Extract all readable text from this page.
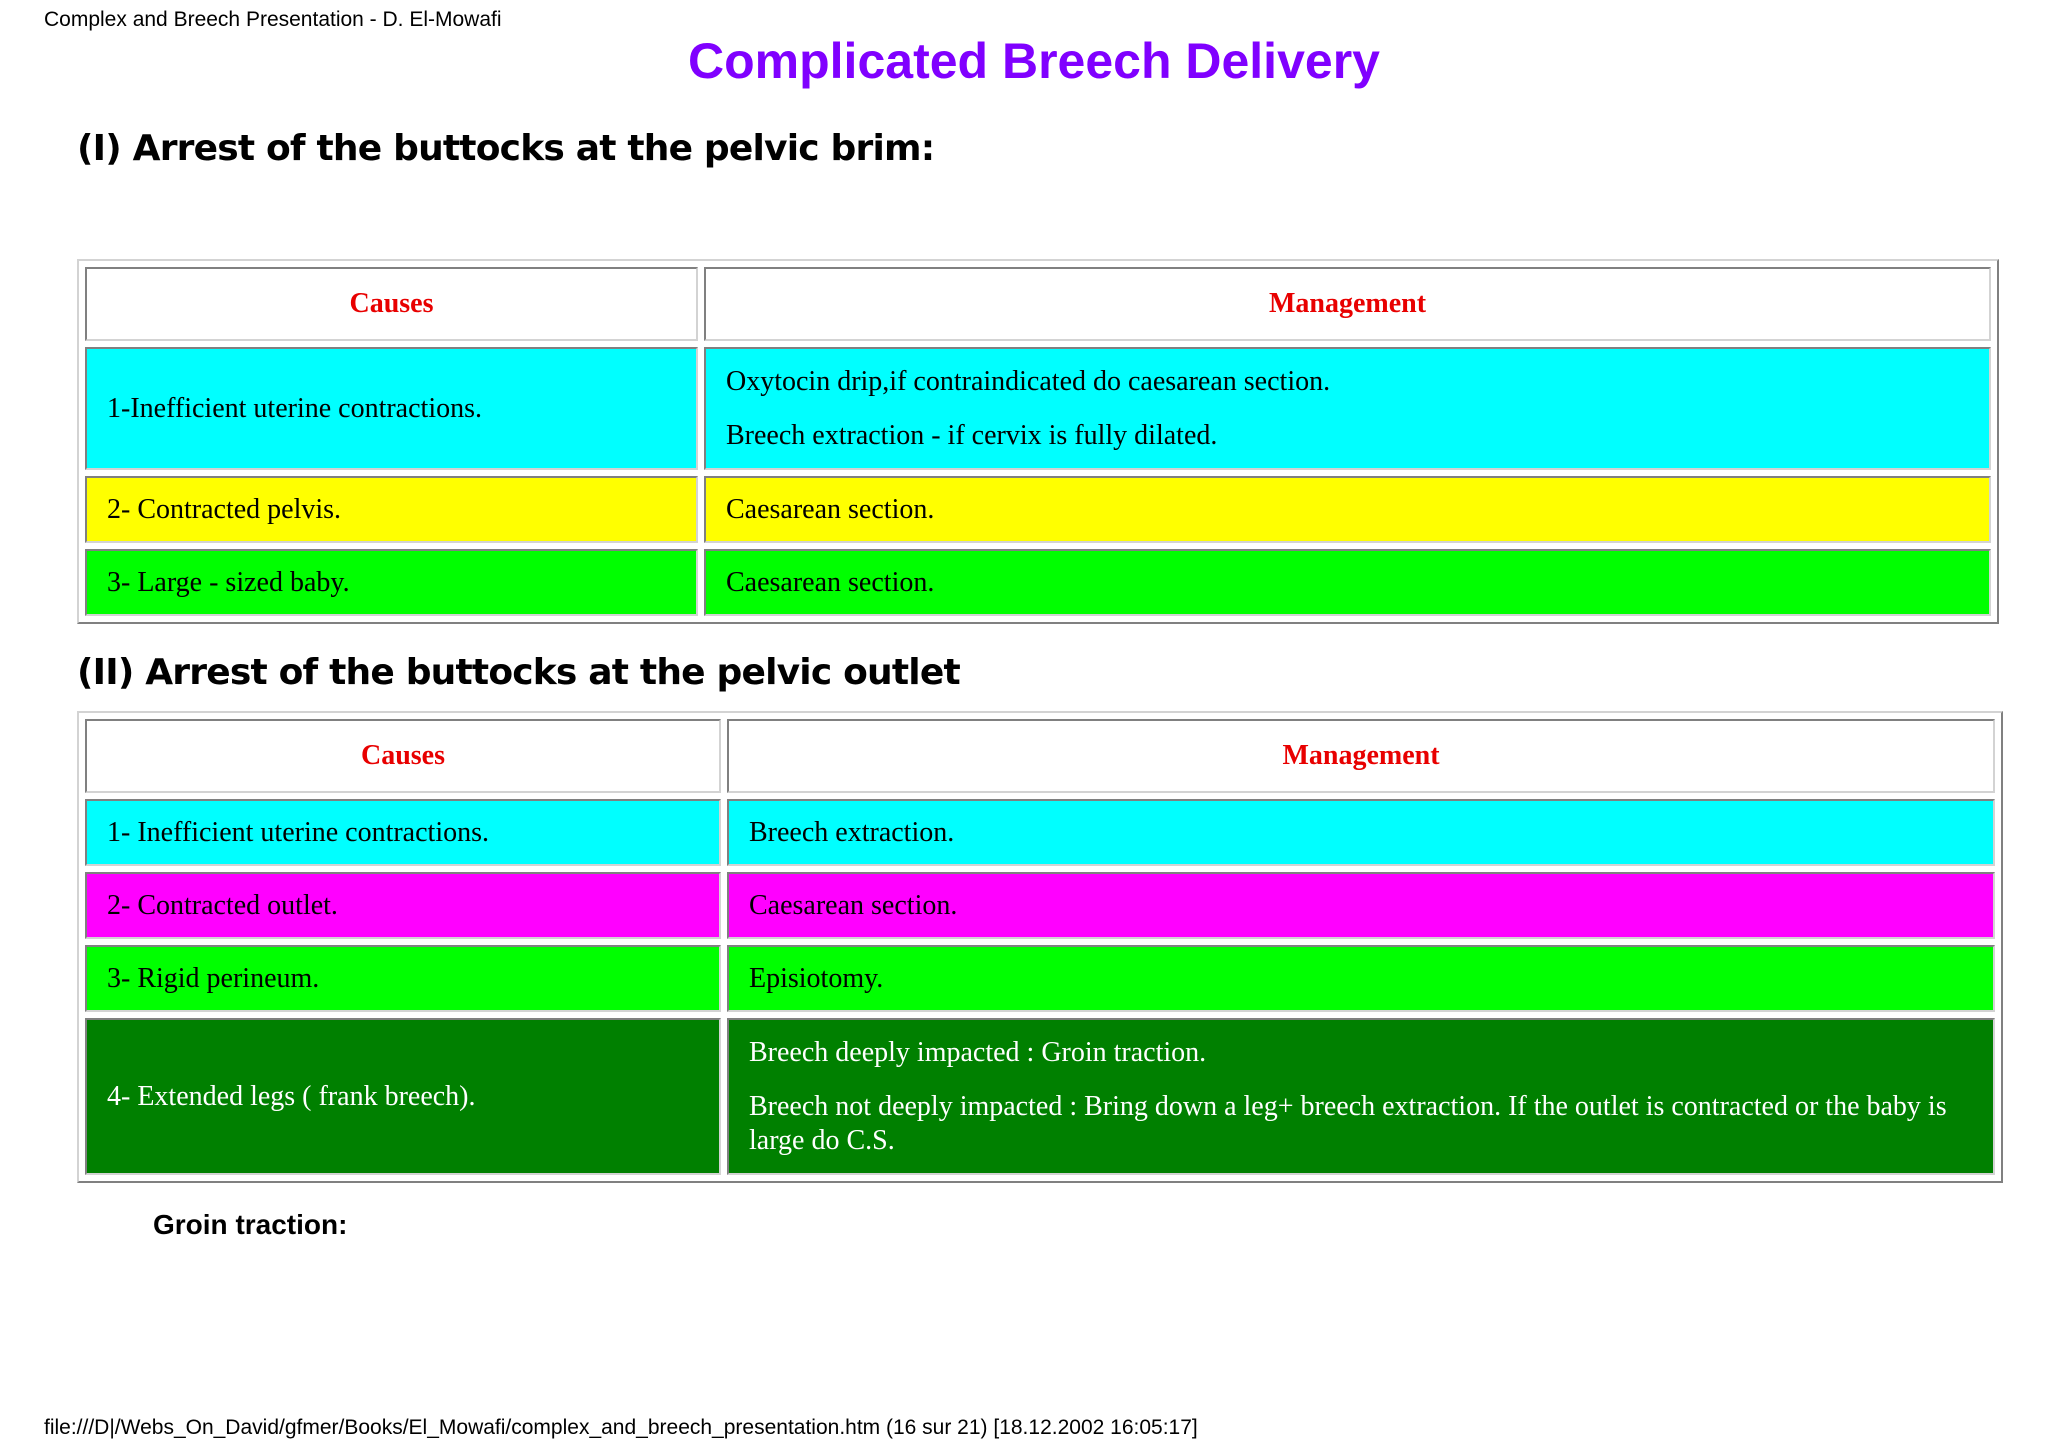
Complex and Breech Presentation - D. El-Mowafi
Complicated Breech Delivery
(I) Arrest of the buttocks at the pelvic brim:
Causes	Management

1-Inefficient uterine contractions.	Oxytocin drip,if contraindicated do caesarean section.

Breech extraction - if cervix is fully dilated.

2- Contracted pelvis.	Caesarean section.

3- Large - sized baby.	Caesarean section.

(II) Arrest of the buttocks at the pelvic outlet
Causes	Management

1- Inefficient uterine contractions.	Breech extraction.

2- Contracted outlet.	Caesarean section.

3- Rigid perineum.	Episiotomy.

4- Extended legs ( frank breech).	Breech deeply impacted : Groin traction.

Breech not deeply impacted : Bring down a leg+ breech extraction. If the outlet is contracted or the baby is large do C.S.

Groin traction:
file:///D|/Webs_On_David/gfmer/Books/El_Mowafi/complex_and_breech_presentation.htm (16 sur 21) [18.12.2002 16:05:17]
